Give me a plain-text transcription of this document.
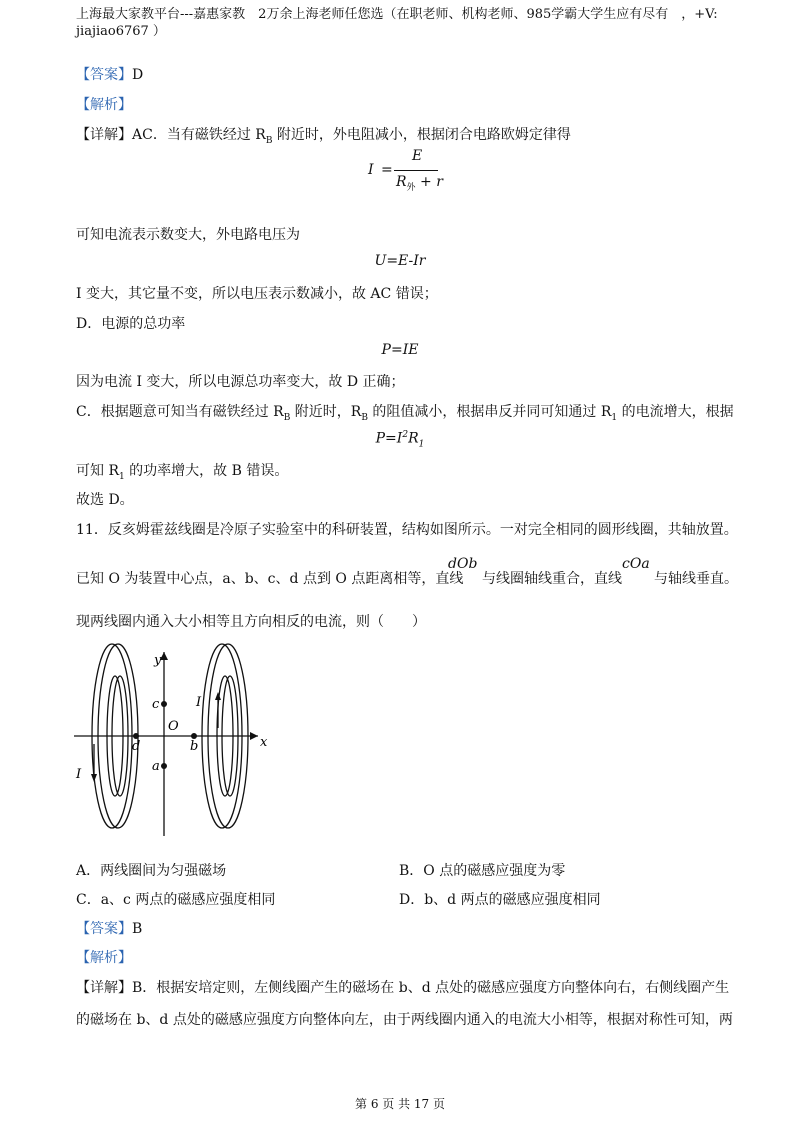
上海最大家教平台---嘉惠家教　2万余上海老师任您选（在职老师、机构老师、985学霸大学生应有尽有　，+V:
jiajiao6767 ）
【答案】D
【解析】
【详解】AC．当有磁铁经过 $R_B$ 附近时，外电阻减小，根据闭合电路欧姆定律得
I =
E
$R_外 + r$
可知电流表示数变大，外电路电压为
U=E-Ir
I 变大，其它量不变，所以电压表示数减小，故 AC 错误；
D．电源的总功率
P=IE
因为电流 I 变大，所以电源总功率变大，故 D 正确；
C．根据题意可知当有磁铁经过 $R_B$ 附近时，$R_B$ 的阻值减小，根据串反并同可知通过 $R_1$ 的电流增大，根据
$P=I^2R_1$
可知 $R_1$ 的功率增大，故 B 错误。
故选 D。
11．反亥姆霍兹线圈是冷原子实验室中的科研装置，结构如图所示。一对完全相同的圆形线圈，共轴放置。
已知 O 为装置中心点，a、b、c、d 点到 O 点距离相等，直线
dOb
与线圈轴线重合，直线
cOa
与轴线垂直。
现两线圈内通入大小相等且方向相反的电流，则（　　）
y
x
O
a
b
c
d
I
I
A．两线圈间为匀强磁场	B．O 点的磁感应强度为零
C．a、c 两点的磁感应强度相同	D．b、d 两点的磁感应强度相同
【答案】B
【解析】
【详解】B．根据安培定则，左侧线圈产生的磁场在 b、d 点处的磁感应强度方向整体向右，右侧线圈产生
的磁场在 b、d 点处的磁感应强度方向整体向左，由于两线圈内通入的电流大小相等，根据对称性可知，两
第 6 页 共 17 页
